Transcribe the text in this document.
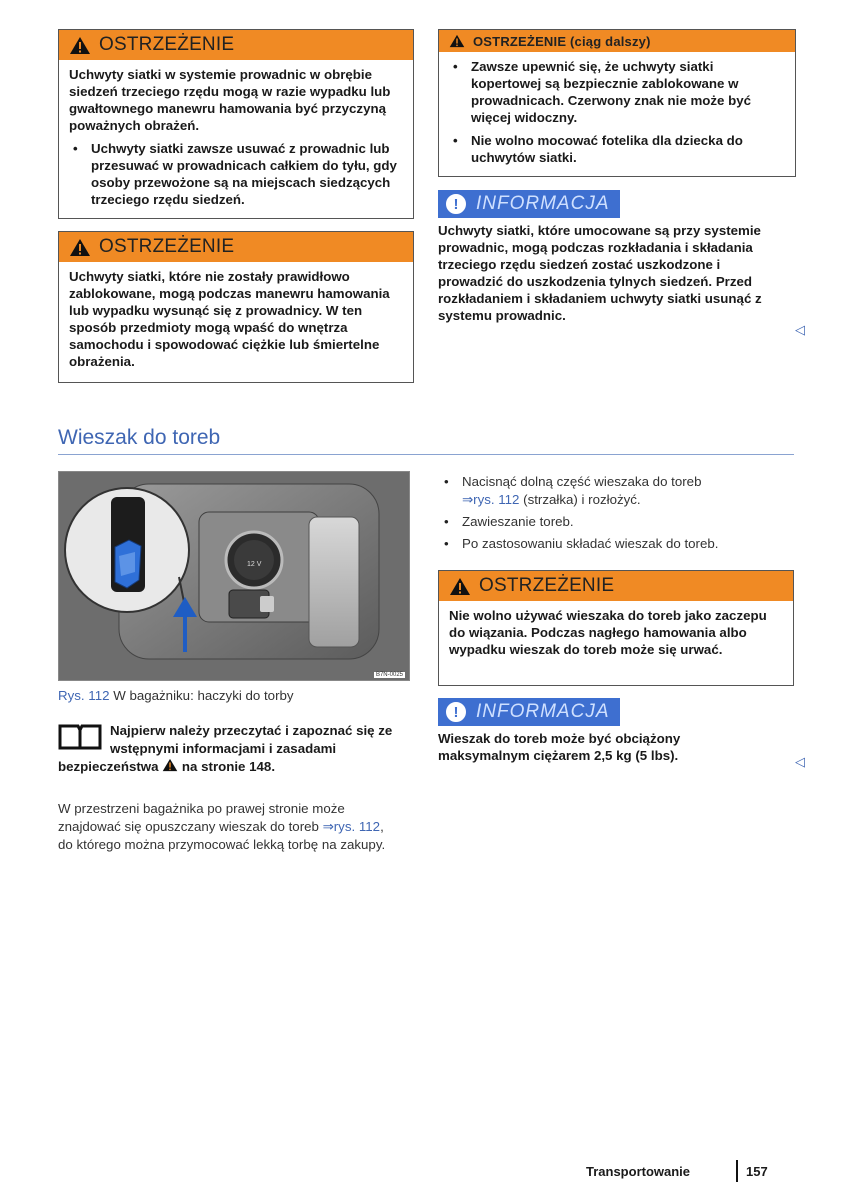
OSTRZEŻENIE

Uchwyty siatki w systemie prowadnic w obrębie siedzeń trzeciego rzędu mogą w razie wypadku lub gwałtownego manewru hamowania być przyczyną poważnych obrażeń.

• Uchwyty siatki zawsze usuwać z prowadnic lub przesuwać w prowadnicach całkiem do tyłu, gdy osoby przewożone są na miejscach siedzących trzeciego rzędu siedzeń.
OSTRZEŻENIE

Uchwyty siatki, które nie zostały prawidłowo zablokowane, mogą podczas manewru hamowania lub wypadku wysunąć się z prowadnicy. W ten sposób przedmioty mogą wpaść do wnętrza samochodu i spowodować ciężkie lub śmiertelne obrażenia.

OSTRZEŻENIE (ciąg dalszy)
• Zawsze upewnić się, że uchwyty siatki kopertowej są bezpiecznie zablokowane w prowadnicach. Czerwony znak nie może być więcej widoczny.
• Nie wolno mocować fotelika dla dziecka do uchwytów siatki.
! INFORMACJA
Uchwyty siatki, które umocowane są przy systemie prowadnic, mogą podczas rozkładania i składania trzeciego rzędu siedzeń zostać uszkodzone i prowadzić do uszkodzenia tylnych siedzeń. Przed rozkładaniem i składaniem uchwyty siatki usunąć z systemu prowadnic.
◁
Wieszak do toreb
12 V
B7N-0025
Rys. 112 W bagażniku: haczyki do torby
Najpierw należy przeczytać i zapoznać się ze wstępnymi informacjami i zasadami bezpieczeństwa na stronie 148.
W przestrzeni bagażnika po prawej stronie może znajdować się opuszczany wieszak do toreb ⇒rys. 112, do którego można przymocować lekką torbę na zakupy.
• Nacisnąć dolną część wieszaka do toreb
⇒rys. 112 (strzałka) i rozłożyć.
• Zawieszanie toreb.
• Po zastosowaniu składać wieszak do toreb.
OSTRZEŻENIE

Nie wolno używać wieszaka do toreb jako zaczepu do wiązania. Podczas nagłego hamowania albo wypadku wieszak do toreb może się urwać.

! INFORMACJA
Wieszak do toreb może być obciążony maksymalnym ciężarem 2,5 kg (5 lbs).	◁
Transportowanie	157
